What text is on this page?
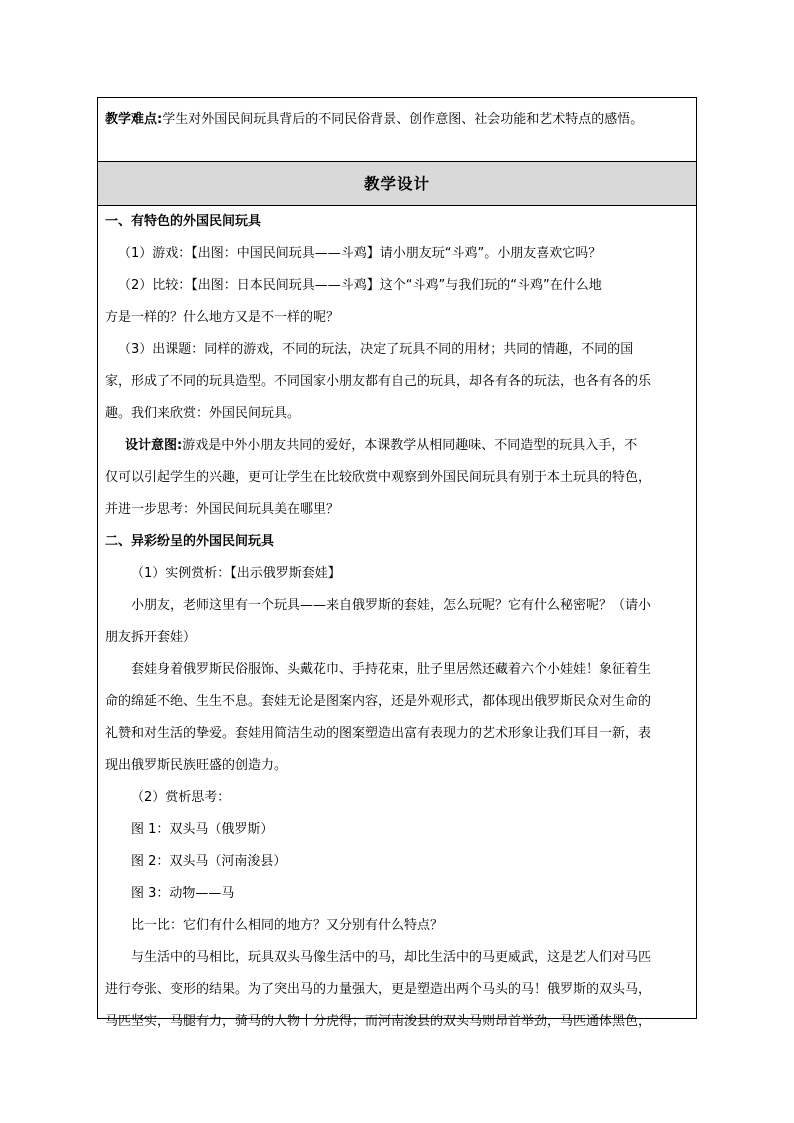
教学难点:学生对外国民间玩具背后的不同民俗背景、创作意图、社会功能和艺术特点的感悟。
教学设计

一、有特色的外国民间玩具

（1）游戏：【出图：中国民间玩具——斗鸡】请小朋友玩“斗鸡”。小朋友喜欢它吗？

（2）比较：【出图：日本民间玩具——斗鸡】这个“斗鸡”与我们玩的“斗鸡”在什么地

方是一样的？什么地方又是不一样的呢？

（3）出课题：同样的游戏，不同的玩法，决定了玩具不同的用材；共同的情趣，不同的国

家，形成了不同的玩具造型。不同国家小朋友都有自己的玩具，却各有各的玩法，也各有各的乐

趣。我们来欣赏：外国民间玩具。

设计意图:游戏是中外小朋友共同的爱好，本课教学从相同趣味、不同造型的玩具入手，不

仅可以引起学生的兴趣，更可让学生在比较欣赏中观察到外国民间玩具有别于本土玩具的特色，

并进一步思考：外国民间玩具美在哪里？

二、异彩纷呈的外国民间玩具

（1）实例赏析：【出示俄罗斯套娃】

小朋友，老师这里有一个玩具——来自俄罗斯的套娃，怎么玩呢？它有什么秘密呢？（请小

朋友拆开套娃）

套娃身着俄罗斯民俗服饰、头戴花巾、手持花束，肚子里居然还藏着六个小娃娃！象征着生

命的绵延不绝、生生不息。套娃无论是图案内容，还是外观形式，都体现出俄罗斯民众对生命的

礼赞和对生活的挚爱。套娃用简洁生动的图案塑造出富有表现力的艺术形象让我们耳目一新，表

现出俄罗斯民族旺盛的创造力。

（2）赏析思考：

图 1：双头马（俄罗斯）

图 2：双头马（河南浚县）

图 3：动物——马

比一比：它们有什么相同的地方？又分别有什么特点？

与生活中的马相比，玩具双头马像生活中的马，却比生活中的马更威武，这是艺人们对马匹

进行夸张、变形的结果。为了突出马的力量强大，更是塑造出两个马头的马！俄罗斯的双头马，

马匹坚实，马腿有力，骑马的人物十分虎得；而河南浚县的双头马则昂首举劲，马匹通体黑色，
